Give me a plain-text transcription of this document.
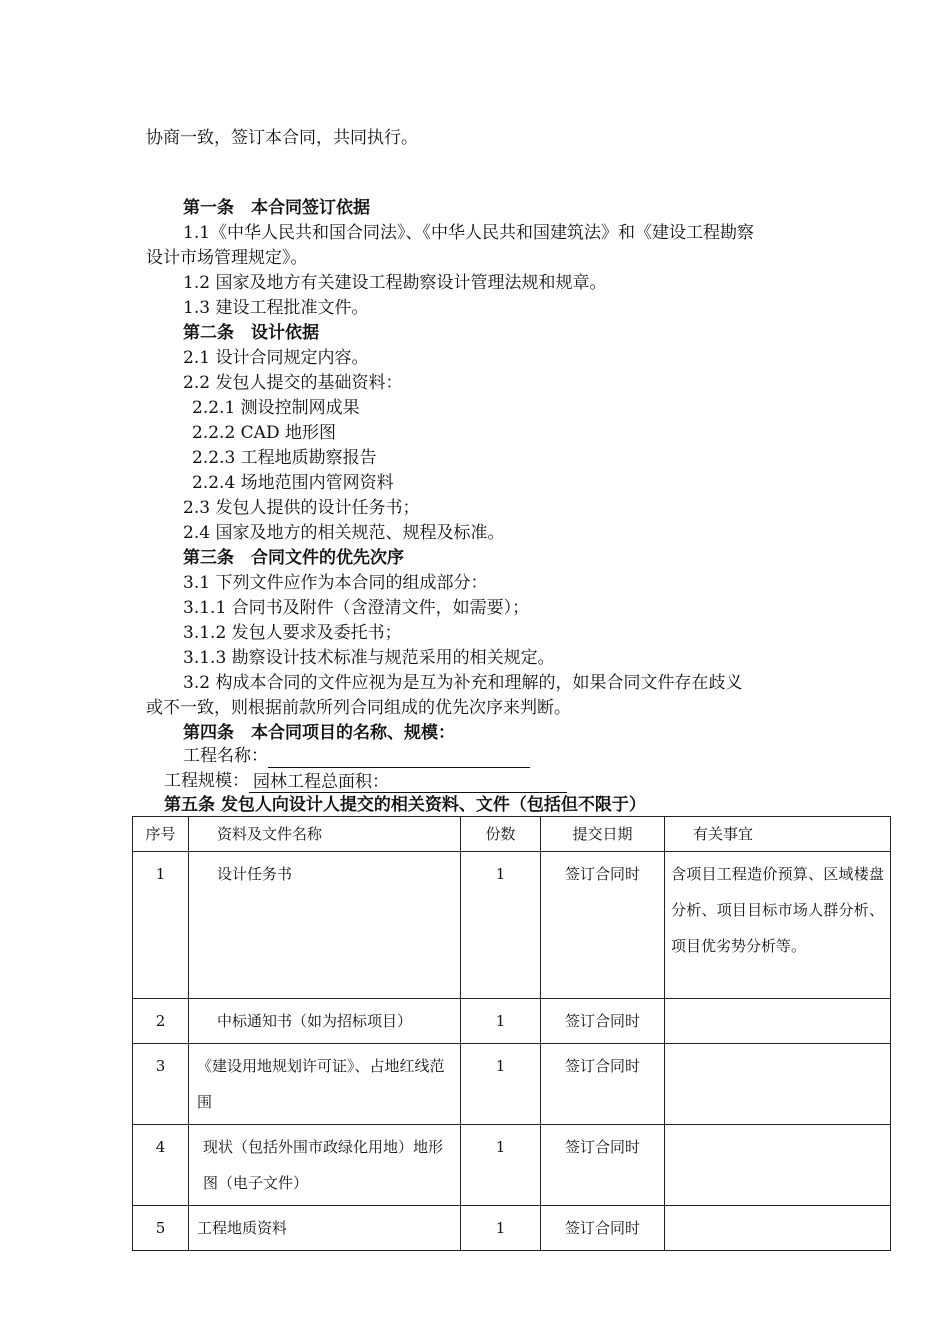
协商一致，签订本合同，共同执行。
第一条　本合同签订依据
1.1《中华人民共和国合同法》、《中华人民共和国建筑法》和《建设工程勘察
设计市场管理规定》。
1.2 国家及地方有关建设工程勘察设计管理法规和规章。
1.3 建设工程批准文件。
第二条　设计依据
2.1 设计合同规定内容。
2.2 发包人提交的基础资料：
2.2.1 测设控制网成果
2.2.2 CAD 地形图
2.2.3 工程地质勘察报告
2.2.4 场地范围内管网资料
2.3 发包人提供的设计任务书；
2.4 国家及地方的相关规范、规程及标准。
第三条　合同文件的优先次序
3.1 下列文件应作为本合同的组成部分：
3.1.1 合同书及附件（含澄清文件，如需要）；
3.1.2 发包人要求及委托书；
3.1.3 勘察设计技术标准与规范采用的相关规定。
3.2 构成本合同的文件应视为是互为补充和理解的，如果合同文件存在歧义
或不一致，则根据前款所列合同组成的优先次序来判断。
第四条　本合同项目的名称、规模：
工程名称：
工程规模： 园林工程总面积：
第五条 发包人向设计人提交的相关资料、文件（包括但不限于）
序号	资料及文件名称	份数	提交日期	有关事宜
1	设计任务书	1	签订合同时	含项目工程造价预算、区域楼盘分析、项目目标市场人群分析、项目优劣势分析等。
2	中标通知书（如为招标项目）	1	签订合同时	
3	《建设用地规划许可证》、占地红线范围	1	签订合同时	
4	现状（包括外围市政绿化用地）地形图（电子文件）	1	签订合同时	
5	工程地质资料	1	签订合同时	
